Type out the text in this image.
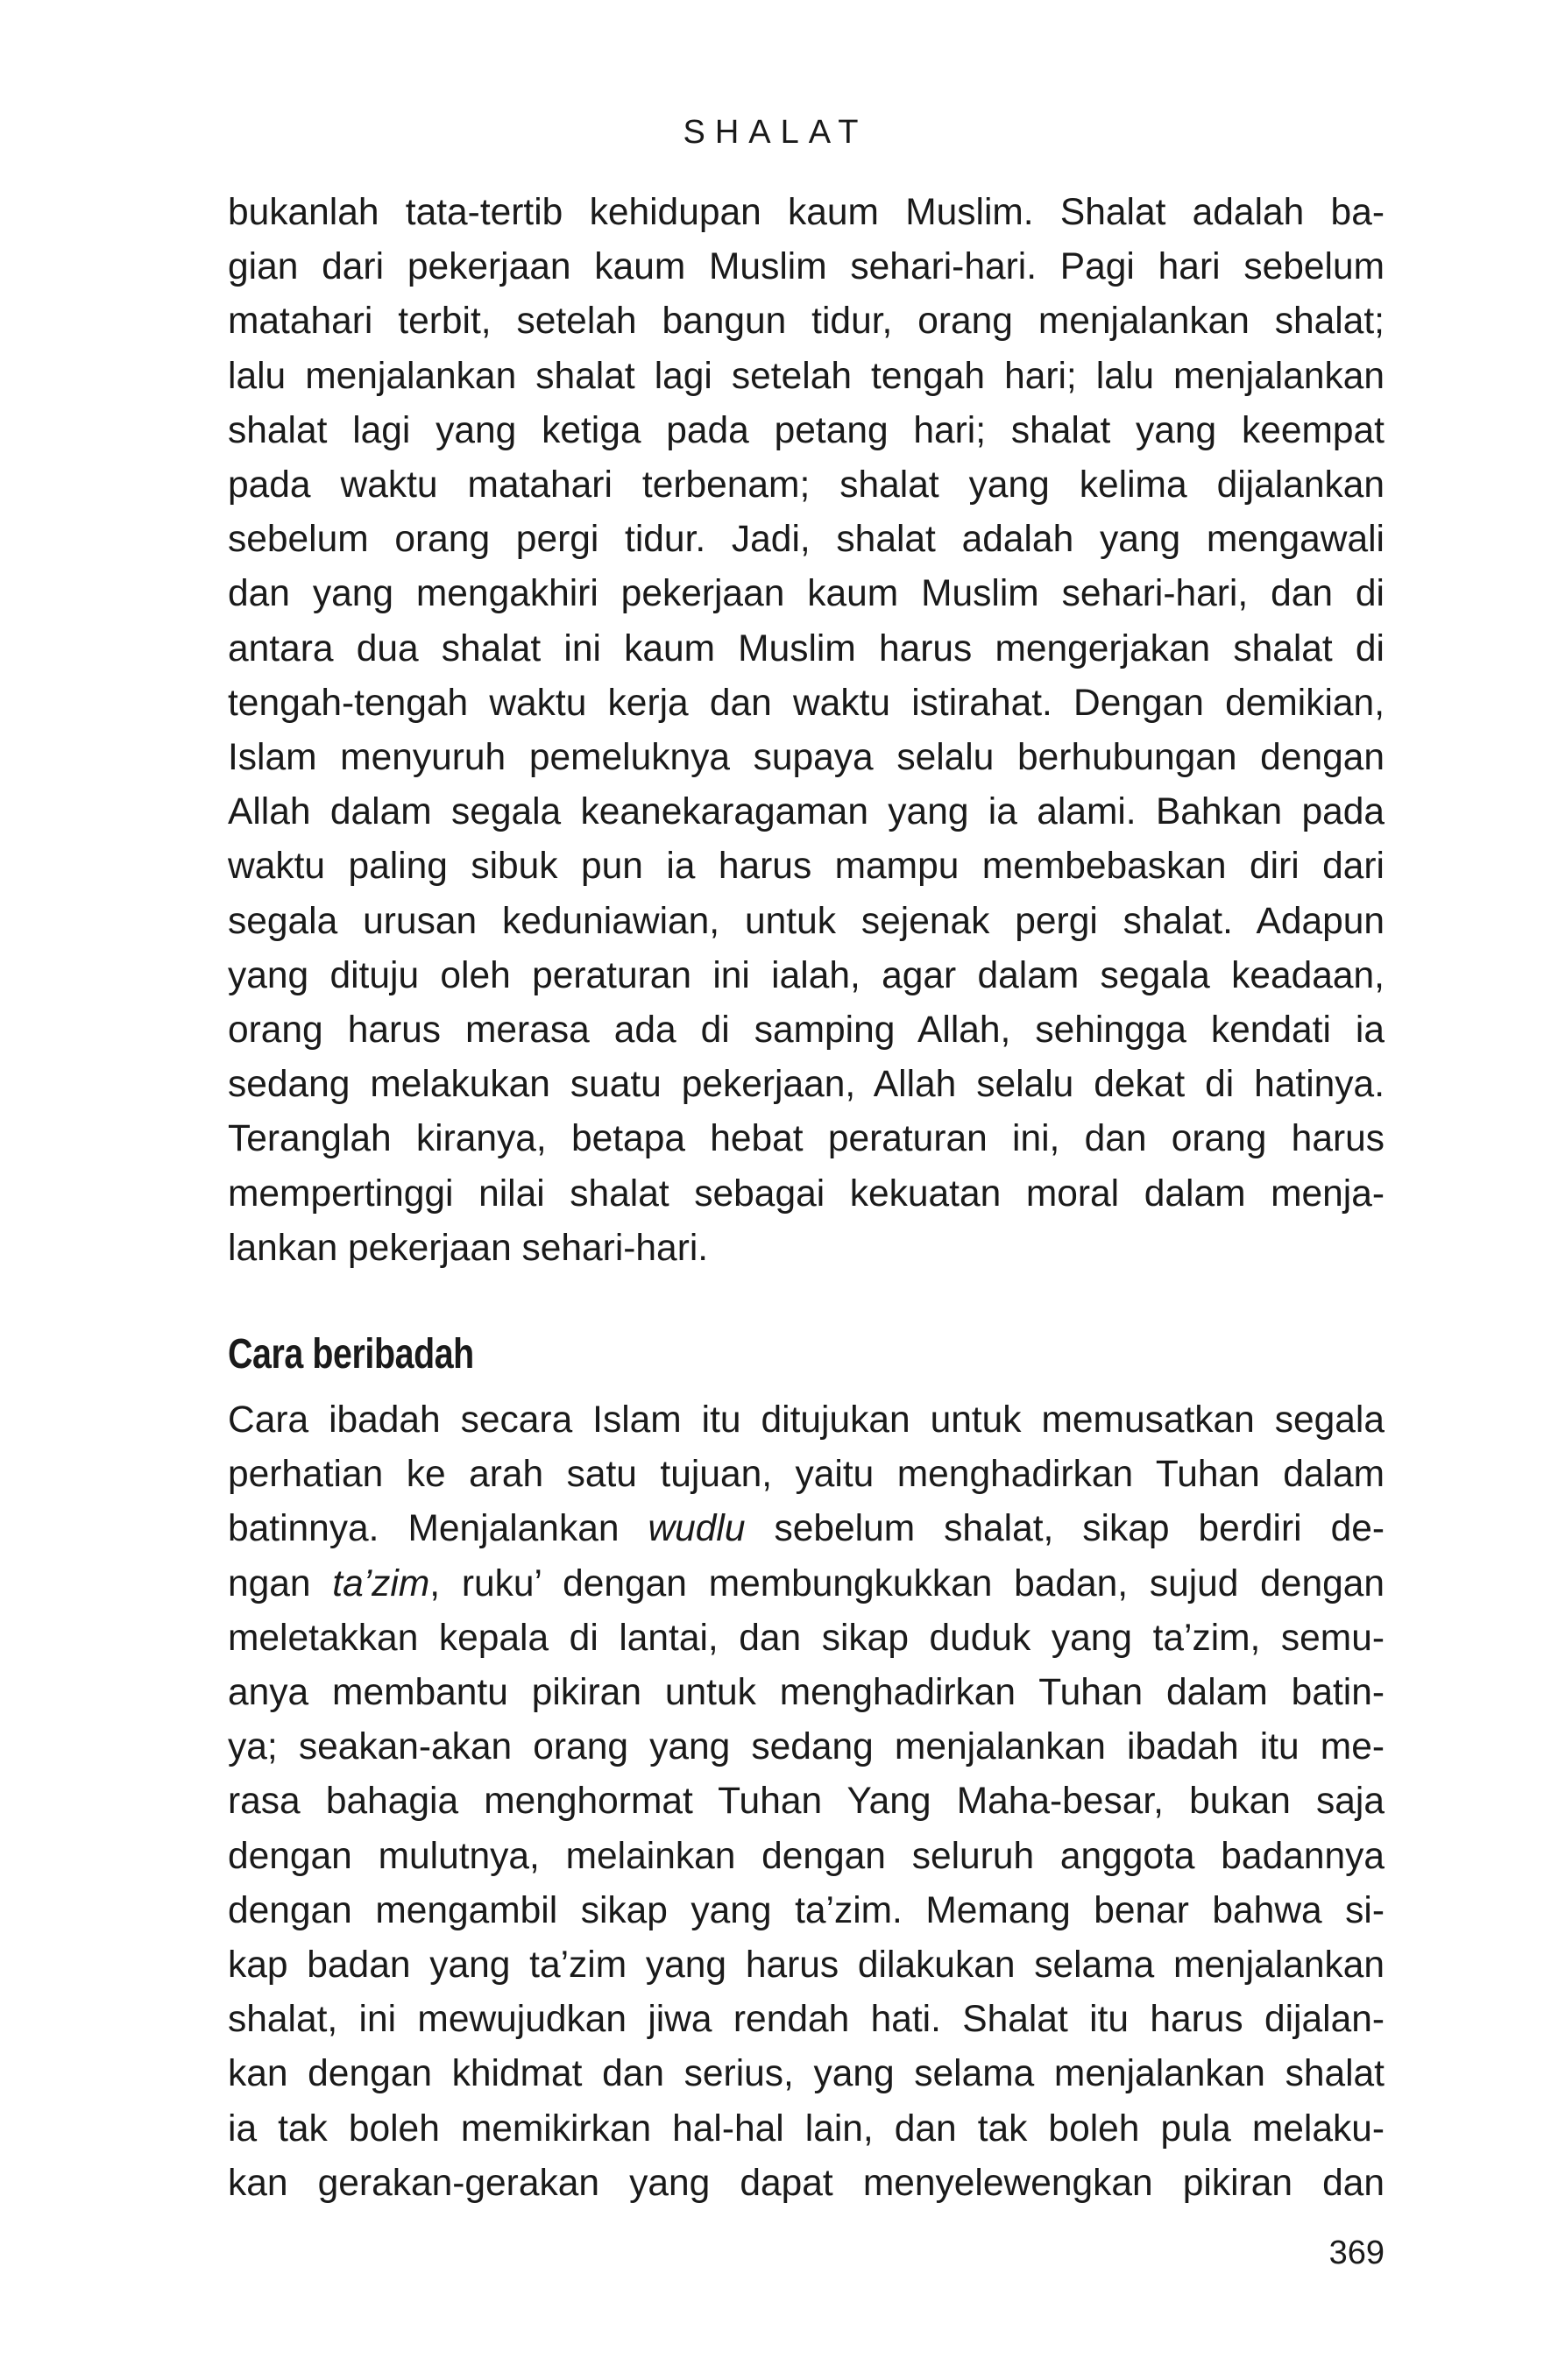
SHALAT
bukanlah tata-tertib kehidupan kaum Muslim. Shalat adalah ba-
gian dari pekerjaan kaum Muslim sehari-hari. Pagi hari sebelum
matahari terbit, setelah bangun tidur, orang menjalankan shalat;
lalu menjalankan shalat lagi setelah tengah hari; lalu menjalankan
shalat lagi yang ketiga pada petang hari; shalat yang keempat
pada waktu matahari terbenam; shalat yang kelima dijalankan
sebelum orang pergi tidur. Jadi, shalat adalah yang mengawali
dan yang mengakhiri pekerjaan kaum Muslim sehari-hari, dan di
antara dua shalat ini kaum Muslim harus mengerjakan shalat di
tengah-tengah waktu kerja dan waktu istirahat. Dengan demikian,
Islam menyuruh pemeluknya supaya selalu berhubungan dengan
Allah dalam segala keanekaragaman yang ia alami. Bahkan pada
waktu paling sibuk pun ia harus mampu membebaskan diri dari
segala urusan keduniawian, untuk sejenak pergi shalat. Adapun
yang dituju oleh peraturan ini ialah, agar dalam segala keadaan,
orang harus merasa ada di samping Allah, sehingga kendati ia
sedang melakukan suatu pekerjaan, Allah selalu dekat di hatinya.
Teranglah kiranya, betapa hebat peraturan ini, dan orang harus
mempertinggi nilai shalat sebagai kekuatan moral dalam menja-
lankan pekerjaan sehari-hari.
Cara beribadah
Cara ibadah secara Islam itu ditujukan untuk memusatkan segala
perhatian ke arah satu tujuan, yaitu menghadirkan Tuhan dalam
batinnya. Menjalankan wudlu sebelum shalat, sikap berdiri de-
ngan ta’zim, ruku’ dengan membungkukkan badan, sujud dengan
meletakkan kepala di lantai, dan sikap duduk yang ta’zim, semu-
anya membantu pikiran untuk menghadirkan Tuhan dalam batin-
ya; seakan-akan orang yang sedang menjalankan ibadah itu me-
rasa bahagia menghormat Tuhan Yang Maha-besar, bukan saja
dengan mulutnya, melainkan dengan seluruh anggota badannya
dengan mengambil sikap yang ta’zim. Memang benar bahwa si-
kap badan yang ta’zim yang harus dilakukan selama menjalankan
shalat, ini mewujudkan jiwa rendah hati. Shalat itu harus dijalan-
kan dengan khidmat dan serius, yang selama menjalankan shalat
ia tak boleh memikirkan hal-hal lain, dan tak boleh pula melaku-
kan gerakan-gerakan yang dapat menyelewengkan pikiran dan
369
